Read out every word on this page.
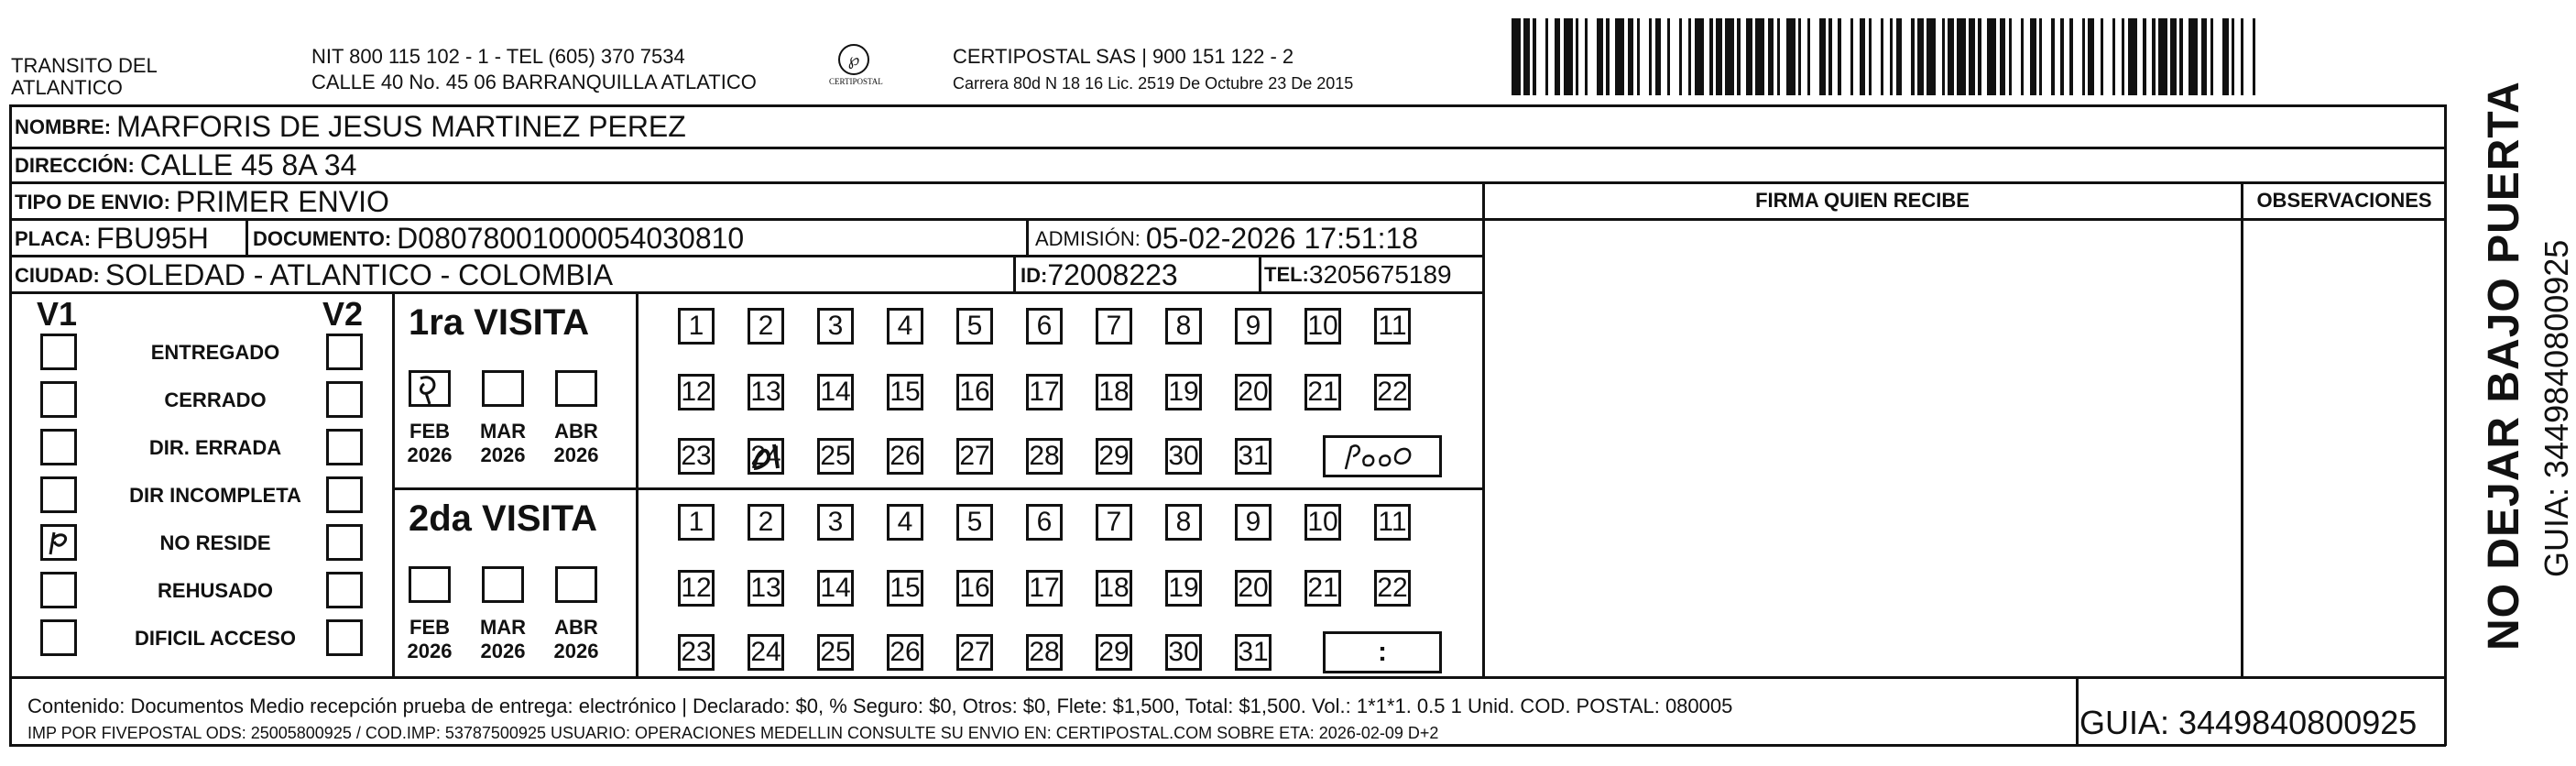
TRANSITO DEL
ATLANTICO
NIT 800 115 102 - 1 - TEL (605) 370 7534
CALLE 40 No. 45 06 BARRANQUILLA ATLATICO
℘
CERTIPOSTAL
CERTIPOSTAL SAS | 900 151 122 - 2
Carrera 80d N 18 16 Lic. 2519 De Octubre 23 De 2015
NOMBRE: MARFORIS DE JESUS MARTINEZ PEREZ
DIRECCIÓN: CALLE 45 8A 34
TIPO DE ENVIO: PRIMER ENVIO
PLACA: FBU95H DOCUMENTO: D08078001000054030810	ADMISIÓN: 05-02-2026 17:51:18
CIUDAD: SOLEDAD - ATLANTICO - COLOMBIA	ID: 72008223	TEL: 3205675189
FIRMA QUIEN RECIBE	OBSERVACIONES
V1	V2
ENTREGADO
CERRADO
DIR. ERRADA
DIR INCOMPLETA
NO RESIDE
REHUSADO
DIFICIL ACCESO
1ra VISITA
FEB
2026
MAR
2026
ABR
2026
1	2	3	4	5	6	7	8	9	10 11
12 13 14 15 16 17 18 19 20 21 22
23 24 25 26 27 28 29 30 31
2da VISITA
FEB
2026
MAR
2026
ABR
2026
1	2	3	4	5	6	7	8	9	10 11
12 13 14 15 16 17 18 19 20 21 22
23 24 25 26 27 28 29 30 31	:
Contenido: Documentos Medio recepción prueba de entrega: electrónico | Declarado: $0, % Seguro: $0, Otros: $0, Flete: $1,500, Total: $1,500. Vol.: 1*1*1. 0.5 1 Unid. COD. POSTAL: 080005
IMP POR FIVEPOSTAL ODS: 25005800925 / COD.IMP: 53787500925 USUARIO: OPERACIONES MEDELLIN CONSULTE SU ENVIO EN: CERTIPOSTAL.COM SOBRE ETA: 2026-02-09 D+2	GUIA: 3449840800925
NO DEJAR BAJO PUERTA GUIA: 3449840800925
